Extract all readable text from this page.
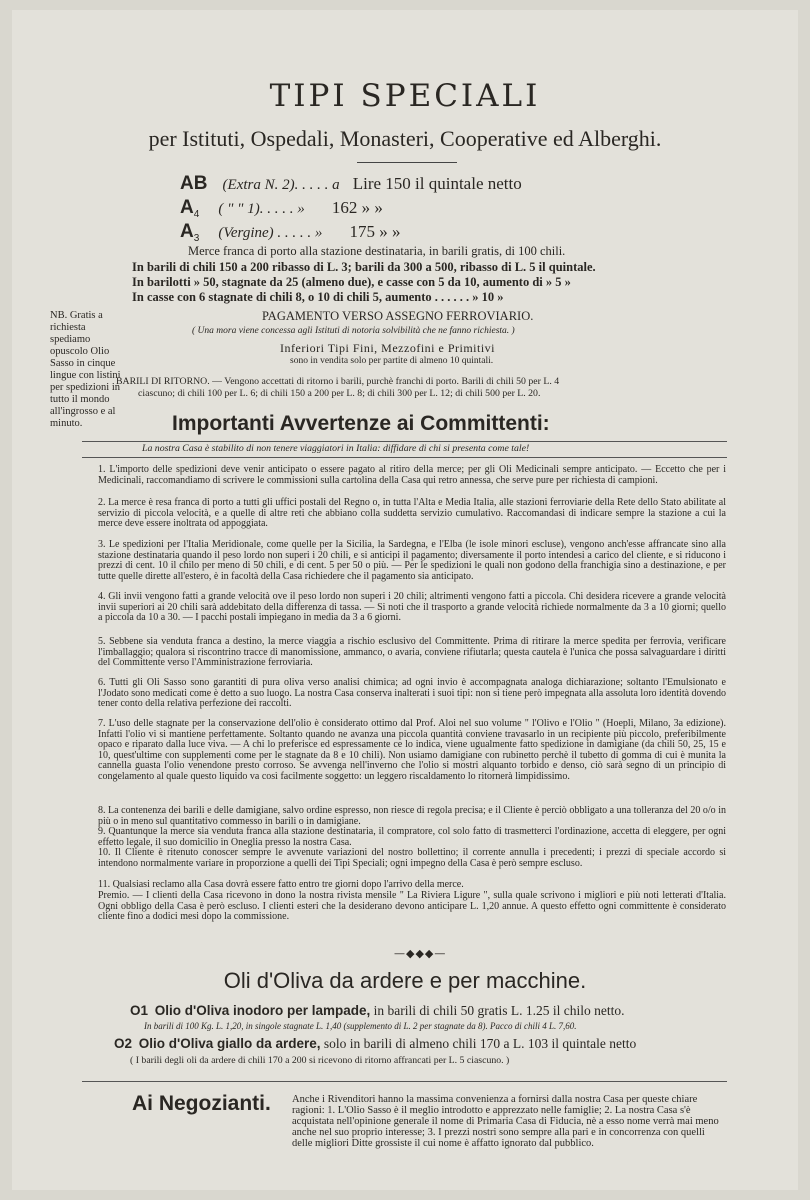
TIPI SPECIALI
per Istituti, Ospedali, Monasteri, Cooperative ed Alberghi.
AB (Extra N. 2). . . . . a Lire 150 il quintale netto
$A_4$ ( " " 1). . . . . » 162 » »
$A_3$ (Vergine) . . . . . » 175 » »
Merce franca di porto alla stazione destinataria, in barili gratis, di 100 chili.
In barili di chili 150 a 200 ribasso di L. 3; barili da 300 a 500, ribasso di L. 5 il quintale.
In barilotti » 50, stagnate da 25 (almeno due), e casse con 5 da 10, aumento di » 5 »
In casse con 6 stagnate di chili 8, o 10 di chili 5, aumento . . . . . . » 10 »
NB. Gratis a richiesta spediamo opuscolo Olio Sasso in cinque lingue con listini per spedizioni in tutto il mondo all'ingrosso e al minuto.
PAGAMENTO VERSO ASSEGNO FERROVIARIO.
( Una mora viene concessa agli Istituti di notoria solvibilità che ne fanno richiesta. )
Inferiori Tipi Fini, Mezzofini e Primitivi
sono in vendita solo per partite di almeno 10 quintali.
BARILI DI RITORNO. — Vengono accettati di ritorno i barili, purchè franchi di porto. Barili di chili 50 per L. 4
ciascuno; di chili 100 per L. 6; di chili 150 a 200 per L. 8; di chili 300 per L. 12; di chili 500 per L. 20.
Importanti Avvertenze ai Committenti:
La nostra Casa è stabilito di non tenere viaggiatori in Italia: diffidare di chi si presenta come tale!
1. L'importo delle spedizioni deve venir anticipato o essere pagato al ritiro della merce; per gli Oli Medicinali sempre anticipato. — Eccetto che per i Medicinali, raccomandiamo di scrivere le commissioni sulla cartolina della Casa qui retro annessa, che serve pure per richiesta di campioni.
2. La merce è resa franca di porto a tutti gli uffici postali del Regno o, in tutta l'Alta e Media Italia, alle stazioni ferroviarie della Rete dello Stato abilitate al servizio di piccola velocità, e a quelle di altre reti che abbiano colla suddetta servizio cumulativo. Raccomandasi di indicare sempre la stazione a cui la merce deve essere inoltrata od appoggiata.
3. Le spedizioni per l'Italia Meridionale, come quelle per la Sicilia, la Sardegna, e l'Elba (le isole minori escluse), vengono anch'esse affrancate sino alla stazione destinataria quando il peso lordo non superi i 20 chili, e si anticipi il pagamento; diversamente il porto intendesi a carico del cliente, e si riducono i prezzi di cent. 10 il chilo per meno di 50 chili, e di cent. 5 per 50 o più. — Per le spedizioni le quali non godono della franchigia sino a destinazione, e per tutte quelle dirette all'estero, è in facoltà della Casa richiedere che il pagamento sia anticipato.
4. Gli invii vengono fatti a grande velocità ove il peso lordo non superi i 20 chili; altrimenti vengono fatti a piccola. Chi desidera ricevere a grande velocità invii superiori ai 20 chili sarà addebitato della differenza di tassa. — Si noti che il trasporto a grande velocità richiede normalmente da 3 a 10 giorni; quello a piccola da 10 a 30. — I pacchi postali impiegano in media da 3 a 6 giorni.
5. Sebbene sia venduta franca a destino, la merce viaggia a rischio esclusivo del Committente. Prima di ritirare la merce spedita per ferrovia, verificare l'imballaggio; qualora si riscontrino tracce di manomissione, ammanco, o avaria, conviene rifiutarla; questa cautela è l'unica che possa salvaguardare i diritti del Committente verso l'Amministrazione ferroviaria.
6. Tutti gli Oli Sasso sono garantiti di pura oliva verso analisi chimica; ad ogni invio è accompagnata analoga dichiarazione; soltanto l'Emulsionato e l'Jodato sono medicati come è detto a suo luogo. La nostra Casa conserva inalterati i suoi tipi: non si tiene però impegnata alla assoluta loro identità dovendo tener conto della relativa perfezione dei raccolti.
7. L'uso delle stagnate per la conservazione dell'olio è considerato ottimo dal Prof. Aloi nel suo volume " l'Olivo e l'Olio " (Hoepli, Milano, 3a edizione). Infatti l'olio vi si mantiene perfettamente. Soltanto quando ne avanza una piccola quantità conviene travasarlo in un recipiente più piccolo, preferibilmente opaco e riparato dalla luce viva. — A chi lo preferisce ed espressamente ce lo indica, viene ugualmente fatto spedizione in damigiane (da chili 50, 25, 15 e 10, quest'ultime con supplementi come per le stagnate da 8 e 10 chili). Non usiamo damigiane con rubinetto perchè il tubetto di gomma di cui è munita la cannella guasta l'olio venendone presto corroso. Se avvenga nell'inverno che l'olio si mostri alquanto torbido e denso, ciò sarà segno di un principio di congelamento al quale questo liquido va così facilmente soggetto: un leggero riscaldamento lo ritornerà limpidissimo.
8. La contenenza dei barili e delle damigiane, salvo ordine espresso, non riesce di regola precisa; e il Cliente è perciò obbligato a una tolleranza del 20 o/o in più o in meno sul quantitativo commesso in barili o in damigiane.
9. Quantunque la merce sia venduta franca alla stazione destinataria, il compratore, col solo fatto di trasmetterci l'ordinazione, accetta di eleggere, per ogni effetto legale, il suo domicilio in Oneglia presso la nostra Casa.
10. Il Cliente è ritenuto conoscer sempre le avvenute variazioni del nostro bollettino; il corrente annulla i precedenti; i prezzi di speciale accordo si intendono normalmente variare in proporzione a quelli dei Tipi Speciali; ogni impegno della Casa è però sempre escluso.
11. Qualsiasi reclamo alla Casa dovrà essere fatto entro tre giorni dopo l'arrivo della merce.
Premio. — I clienti della Casa ricevono in dono la nostra rivista mensile " La Riviera Ligure ", sulla quale scrivono i migliori e più noti letterati d'Italia. Ogni obbligo della Casa è però escluso. I clienti esteri che la desiderano devono anticipare L. 1,20 annue. A questo effetto ogni committente è considerato cliente fino a dodici mesi dopo la commissione.
—◆◆◆—
Oli d'Oliva da ardere e per macchine.
O1 Olio d'Oliva inodoro per lampade, in barili di chili 50 gratis L. 1.25 il chilo netto.
In barili di 100 Kg. L. 1,20, in singole stagnate L. 1,40 (supplemento di L. 2 per stagnate da 8). Pacco di chili 4 L. 7,60.
O2 Olio d'Oliva giallo da ardere, solo in barili di almeno chili 170 a L. 103 il quintale netto
( I barili degli oli da ardere di chili 170 a 200 si ricevono di ritorno affrancati per L. 5 ciascuno. )
Ai Negozianti. Anche i Rivenditori hanno la massima convenienza a fornirsi dalla nostra Casa per queste chiare ragioni: 1. L'Olio Sasso è il meglio introdotto e apprezzato nelle famiglie; 2. La nostra Casa s'è acquistata nell'opinione generale il nome di Primaria Casa di Fiducia, nè a esso nome verrà mai meno anche nel suo proprio interesse; 3. I prezzi nostri sono sempre alla pari e in concorrenza con quelli delle migliori Ditte grossiste il cui nome è affatto ignorato dal pubblico.
